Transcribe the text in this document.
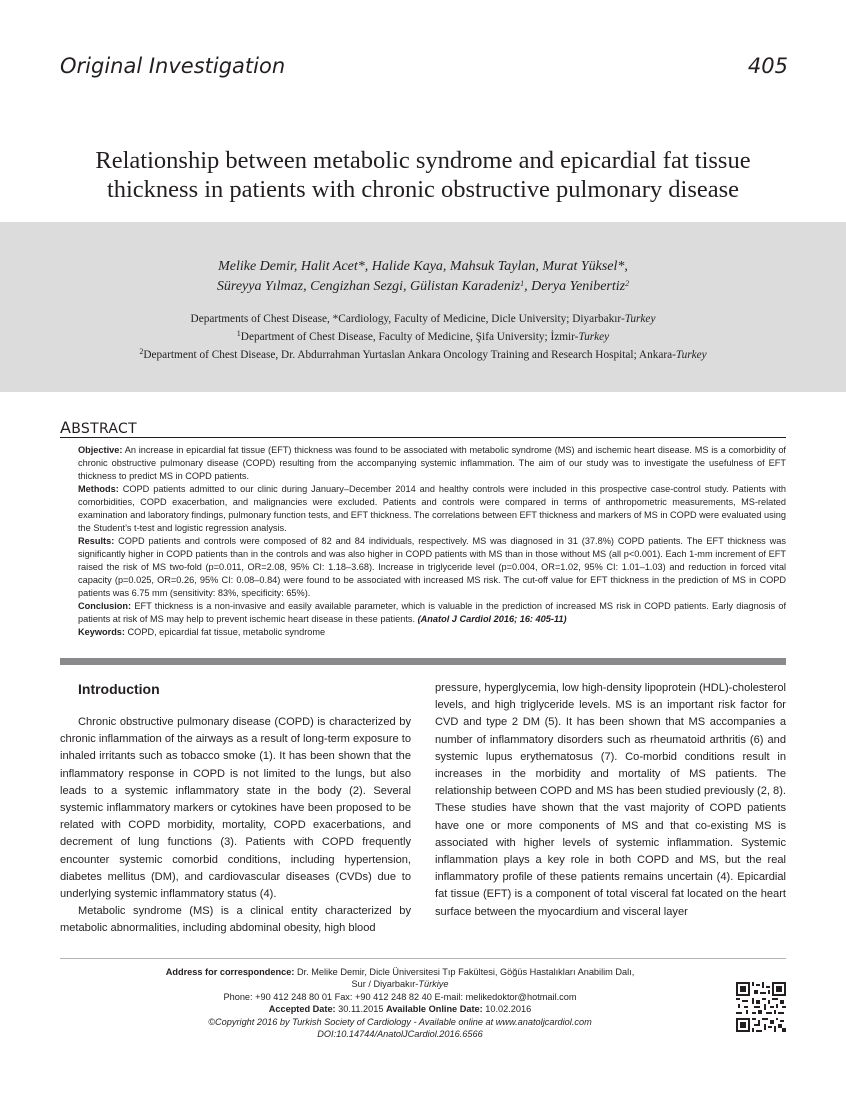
Original Investigation	405
Relationship between metabolic syndrome and epicardial fat tissue
thickness in patients with chronic obstructive pulmonary disease
Melike Demir, Halit Acet*, Halide Kaya, Mahsuk Taylan, Murat Yüksel*,
Süreyya Yılmaz, Cengizhan Sezgi, Gülistan Karadeniz$^1$, Derya Yenibertiz$^2$
Departments of Chest Disease, *Cardiology, Faculty of Medicine, Dicle University; Diyarbakır-Turkey
$^1$Department of Chest Disease, Faculty of Medicine, Şifa University; İzmir-Turkey
$^2$Department of Chest Disease, Dr. Abdurrahman Yurtaslan Ankara Oncology Training and Research Hospital; Ankara-Turkey
ABSTRACT

Objective: An increase in epicardial fat tissue (EFT) thickness was found to be associated with metabolic syndrome (MS) and ischemic heart disease. MS is a comorbidity of chronic obstructive pulmonary disease (COPD) resulting from the accompanying systemic inflammation. The aim of our study was to investigate the usefulness of EFT thickness to predict MS in COPD patients.

Methods: COPD patients admitted to our clinic during January–December 2014 and healthy controls were included in this prospective case-control study. Patients with comorbidities, COPD exacerbation, and malignancies were excluded. Patients and controls were compared in terms of anthropometric measurements, MS-related examination and laboratory findings, pulmonary function tests, and EFT thickness. The correlations between EFT thickness and markers of MS in COPD were evaluated using the Student’s t-test and logistic regression analysis.

Results: COPD patients and controls were composed of 82 and 84 individuals, respectively. MS was diagnosed in 31 (37.8%) COPD patients. The EFT thickness was significantly higher in COPD patients than in the controls and was also higher in COPD patients with MS than in those without MS (all p<0.001). Each 1-mm increment of EFT raised the risk of MS two-fold (p=0.011, OR=2.08, 95% CI: 1.18–3.68). Increase in triglyceride level (p=0.004, OR=1.02, 95% CI: 1.01–1.03) and reduction in forced vital capacity (p=0.025, OR=0.26, 95% CI: 0.08–0.84) were found to be associated with increased MS risk. The cut-off value for EFT thickness in the prediction of MS in COPD patients was 6.75 mm (sensitivity: 83%, specificity: 65%).

Conclusion: EFT thickness is a non-invasive and easily available parameter, which is valuable in the prediction of increased MS risk in COPD patients. Early diagnosis of patients at risk of MS may help to prevent ischemic heart disease in these patients. (Anatol J Cardiol 2016; 16: 405-11)

Keywords: COPD, epicardial fat tissue, metabolic syndrome

Introduction

Chronic obstructive pulmonary disease (COPD) is characterized by chronic inflammation of the airways as a result of long-term exposure to inhaled irritants such as tobacco smoke (1). It has been shown that the inflammatory response in COPD is not limited to the lungs, but also leads to a systemic inflammatory state in the body (2). Several systemic inflammatory markers or cytokines have been proposed to be related with COPD morbidity, mortality, COPD exacerbations, and decrement of lung functions (3). Patients with COPD frequently encounter systemic comorbid conditions, including hypertension, diabetes mellitus (DM), and cardiovascular diseases (CVDs) due to underlying systemic inflammatory status (4).

Metabolic syndrome (MS) is a clinical entity characterized by metabolic abnormalities, including abdominal obesity, high blood

pressure, hyperglycemia, low high-density lipoprotein (HDL)-cholesterol levels, and high triglyceride levels. MS is an important risk factor for CVD and type 2 DM (5). It has been shown that MS accompanies a number of inflammatory disorders such as rheumatoid arthritis (6) and systemic lupus erythematosus (7). Co-morbid conditions result in increases in the morbidity and mortality of MS patients. The relationship between COPD and MS has been studied previously (2, 8). These studies have shown that the vast majority of COPD patients have one or more components of MS and that co-existing MS is associated with higher levels of systemic inflammation. Systemic inflammation plays a key role in both COPD and MS, but the real inflammatory profile of these patients remains uncertain (4). Epicardial fat tissue (EFT) is a component of total visceral fat located on the heart surface between the myocardium and visceral layer

Address for correspondence: Dr. Melike Demir, Dicle Üniversitesi Tıp Fakültesi, Göğüs Hastalıkları Anabilim Dalı,
Sur / Diyarbakır-Türkiye
Phone: +90 412 248 80 01 Fax: +90 412 248 82 40 E-mail: melikedoktor@hotmail.com
Accepted Date: 30.11.2015 Available Online Date: 10.02.2016
©Copyright 2016 by Turkish Society of Cardiology - Available online at www.anatoljcardiol.com
DOI:10.14744/AnatolJCardiol.2016.6566
